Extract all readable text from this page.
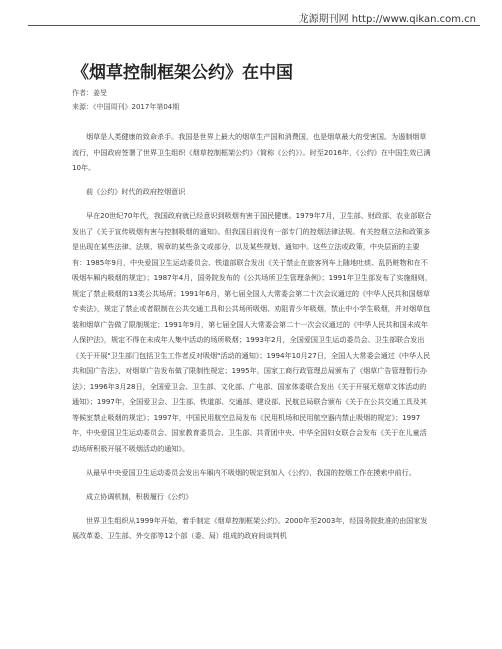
龙源期刊网 http://www.qikan.com.cn
《烟草控制框架公约》在中国
作者：姜旻
来源：《中国周刊》2017年第04期

烟草是人类健康的致命杀手。我国是世界上最大的烟草生产国和消费国，也是烟草最大的受害国。为遏制烟草流行，中国政府签署了世界卫生组织《烟草控制框架公约》（简称《公约》）。时至2016年，《公约》在中国生效已满10年。

前《公约》时代的政府控烟意识

早在20世纪70年代，我国政府就已经意识到吸烟有害于国民健康。1979年7月，卫生部、财政部、农业部联合发出了《关于宣传吸烟有害与控制吸烟的通知》。但我国目前没有一部专门的控烟法律法规。有关控烟立法和政策多是出现在某些法律、法规、规章的某些条文或部分，以及某些规划、通知中。这些立法或政策，中央层面的主要有：1985年9月，中央爱国卫生运动委员会、铁道部联合发出《关于禁止在旅客列车上随地吐痰、乱扔赃物和在不吸烟车厢内吸烟的规定》；1987年4月，国务院发布的《公共场所卫生管理条例》；1991年卫生部发布了实施细则，规定了禁止吸烟的13类公共场所；1991年6月，第七届全国人大常委会第二十次会议通过的《中华人民共和国烟草专卖法》，规定了禁止或者限制在公共交通工具和公共场所吸烟、劝阻青少年吸烟，禁止中小学生吸烟，并对烟草包装和烟草广告做了限制规定；1991年9月，第七届全国人大常委会第二十一次会议通过的《中华人民共和国未成年人保护法》，规定不得在未成年人集中活动的场所吸烟；1993年2月，全国爱国卫生运动委员会、卫生部联合发出《关于开展"卫生部门包括卫生工作者反对吸烟"活动的通知》；1994年10月27日，全国人大常委会通过《中华人民共和国广告法》，对烟草广告发布做了限制性规定；1995年，国家工商行政管理总局颁布了《烟草广告管理暂行办法》；1996年3月28日，全国爱卫会、卫生部、文化部、广电部、国家体委联合发出《关于开展无烟草文体活动的通知》；1997年，全国爱卫会、卫生部、铁道部、交通部、建设部、民航总局联合颁布《关于在公共交通工具及其等候室禁止吸烟的规定》；1997年，中国民用航空总局发布《民用机场和民用航空器内禁止吸烟的规定》；1997年，中央爱国卫生运动委员会、国家教育委员会、卫生部、共青团中央、中华全国妇女联合会发布《关于在儿童活动场所积极开展不吸烟活动的通知》。

从最早中央爱国卫生运动委员会发出车厢内不吸烟的规定到加入《公约》，我国的控烟工作在摸索中前行。

成立协调机制，积极履行《公约》

世界卫生组织从1999年开始，着手制定《烟草控制框架公约》。2000年至2003年，经国务院批准的由国家发展改革委、卫生部、外交部等12个部（委、局）组成的政府间谈判机
